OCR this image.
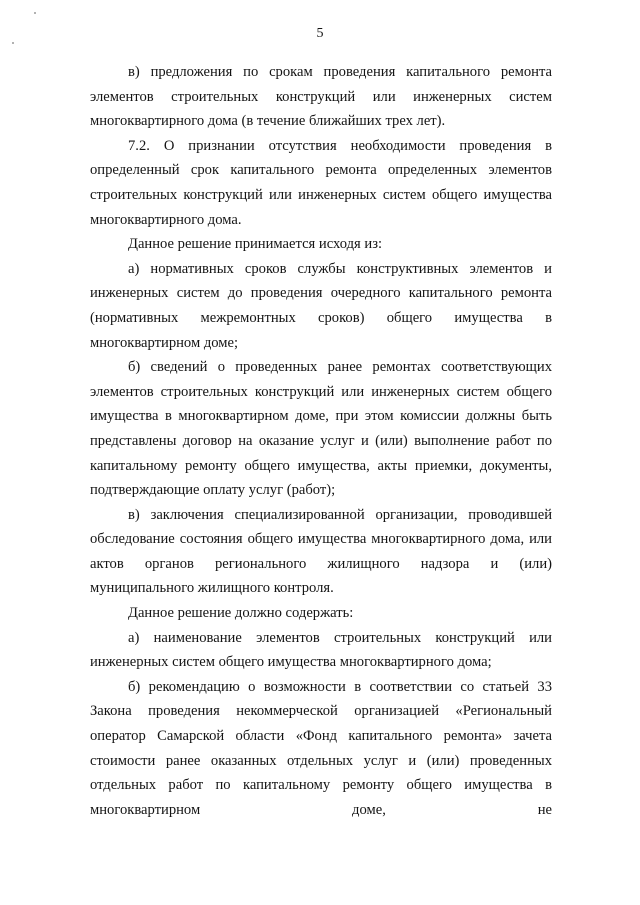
5

в) предложения по срокам проведения капитального ремонта элементов строительных конструкций или инженерных систем многоквартирного дома (в течение ближайших трех лет).

7.2. О признании отсутствия необходимости проведения в определенный срок капитального ремонта определенных элементов строительных конструкций или инженерных систем общего имущества многоквартирного дома.

Данное решение принимается исходя из:

а) нормативных сроков службы конструктивных элементов и инженерных систем до проведения очередного капитального ремонта (нормативных межремонтных сроков) общего имущества в многоквартирном доме;

б) сведений о проведенных ранее ремонтах соответствующих элементов строительных конструкций или инженерных систем общего имущества в многоквартирном доме, при этом комиссии должны быть представлены договор на оказание услуг и (или) выполнение работ по капитальному ремонту общего имущества, акты приемки, документы, подтверждающие оплату услуг (работ);

в) заключения специализированной организации, проводившей обследование состояния общего имущества многоквартирного дома, или актов органов регионального жилищного надзора и (или) муниципального жилищного контроля.

Данное решение должно содержать:

а) наименование элементов строительных конструкций или инженерных систем общего имущества многоквартирного дома;

б) рекомендацию о возможности в соответствии со статьей 33 Закона проведения некоммерческой организацией «Региональный оператор Самарской области «Фонд капитального ремонта» зачета стоимости ранее оказанных отдельных услуг и (или) проведенных отдельных работ по капитальному ремонту общего имущества в многоквартирном доме, не
